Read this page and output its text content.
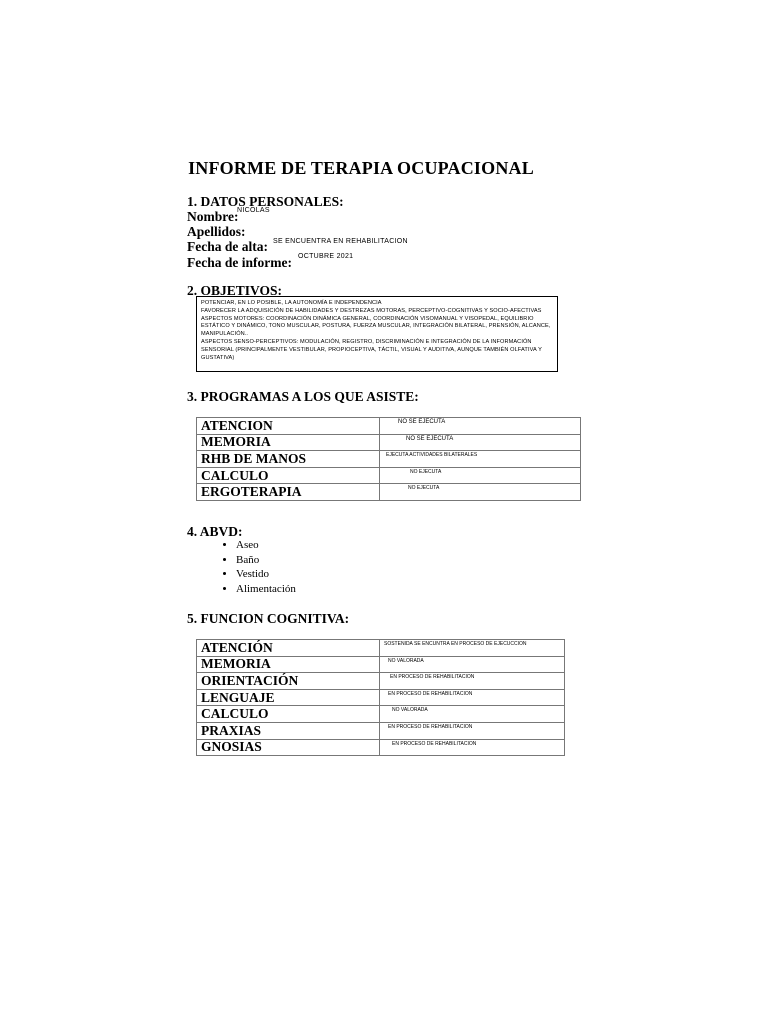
INFORME DE TERAPIA OCUPACIONAL
1. DATOS PERSONALES:
Nombre:
NICOLAS
Apellidos:
Fecha de alta: SE ENCUENTRA EN REHABILITACION
Fecha de informe: OCTUBRE 2021
2. OBJETIVOS:
POTENCIAR, EN LO POSIBLE, LA AUTONOMÍA E INDEPENDENCIA
FAVORECER LA ADQUISICIÓN DE HABILIDADES Y DESTREZAS MOTORAS, PERCEPTIVO-COGNITIVAS Y SOCIO-AFECTIVAS
ASPECTOS MOTORES: COORDINACIÓN DINÁMICA GENERAL, COORDINACIÓN VISOMANUAL Y VISOPEDAL, EQUILIBRIO ESTÁTICO Y DINÁMICO, TONO MUSCULAR, POSTURA, FUERZA MUSCULAR, INTEGRACIÓN BILATERAL, PRENSIÓN, ALCANCE, MANIPULACIÓN..
ASPECTOS SENSO-PERCEPTIVOS: MODULACIÓN, REGISTRO, DISCRIMINACIÓN E INTEGRACIÓN DE LA INFORMACIÓN SENSORIAL (PRINCIPALMENTE VESTIBULAR, PROPIOCEPTIVA, TÁCTIL, VISUAL Y AUDITIVA, AUNQUE TAMBIÉN OLFATIVA Y GUSTATIVA)
3. PROGRAMAS A LOS QUE ASISTE:
ATENCION	NO SE EJECUTA
MEMORIA	NO SE EJECUTA
RHB DE MANOS	EJECUTA ACTIVIDADES BILATERALES
CALCULO	NO EJECUTA
ERGOTERAPIA	NO EJECUTA
4. ABVD:
• Aseo
• Baño
• Vestido
• Alimentación
5. FUNCION COGNITIVA:
ATENCIÓN	SOSTENIDA SE ENCUNTRA EN PROCESO DE EJECUCCION
MEMORIA	NO VALORADA
ORIENTACIÓN	EN PROCESO DE REHABILITACION
LENGUAJE	EN PROCESO DE REHABILITACION
CALCULO	NO VALORADA
PRAXIAS	EN PROCESO DE REHABILITACION
GNOSIAS	EN PROCESO DE REHABILITACION
